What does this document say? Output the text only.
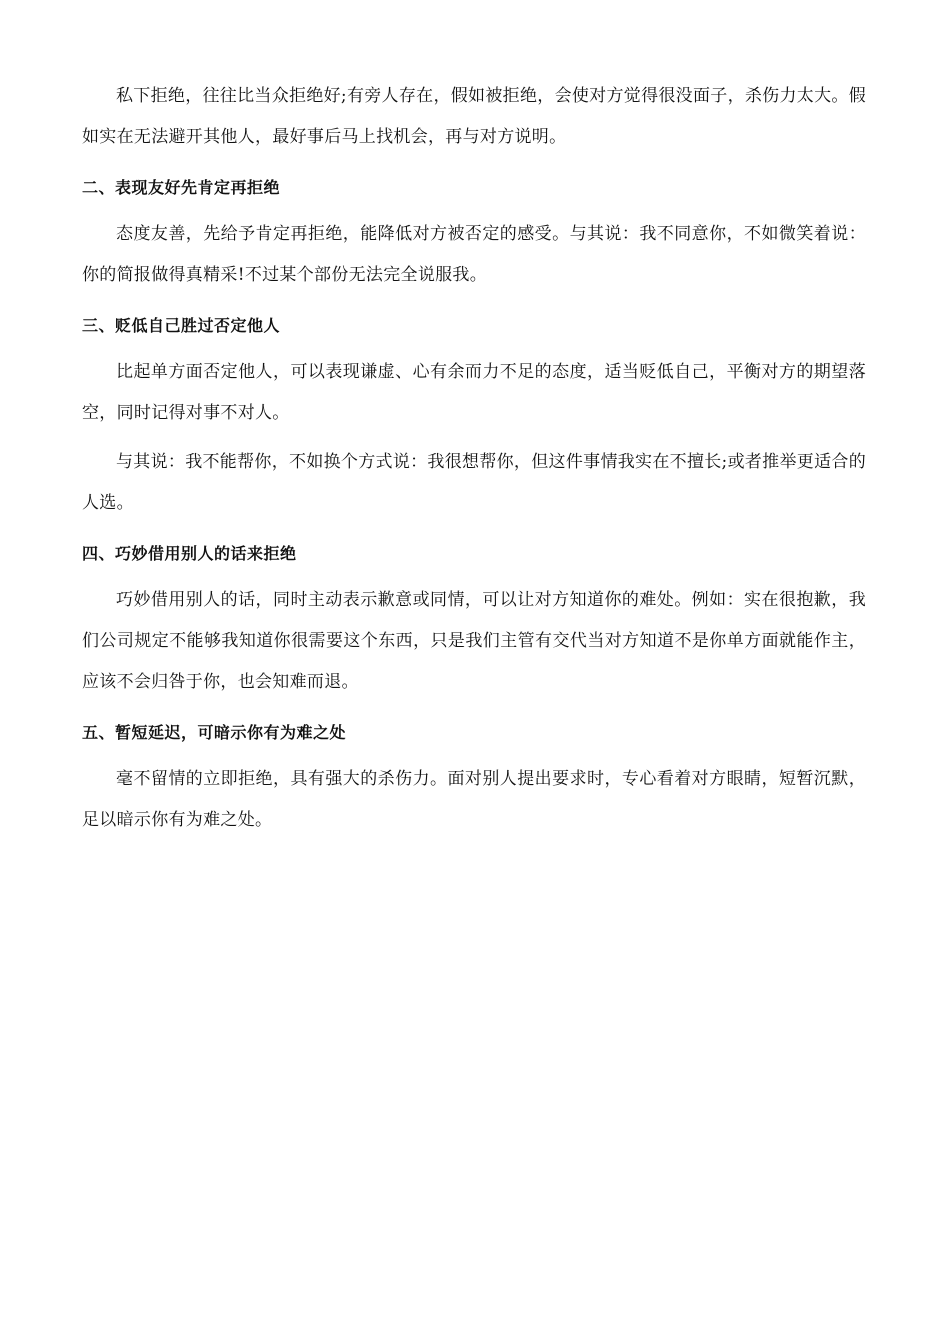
私下拒绝，往往比当众拒绝好;有旁人存在，假如被拒绝，会使对方觉得很没面子，杀伤力太大。假如实在无法避开其他人，最好事后马上找机会，再与对方说明。

二、表现友好先肯定再拒绝

态度友善，先给予肯定再拒绝，能降低对方被否定的感受。与其说：我不同意你，不如微笑着说：你的简报做得真精采!不过某个部份无法完全说服我。

三、贬低自己胜过否定他人

比起单方面否定他人，可以表现谦虚、心有余而力不足的态度，适当贬低自己，平衡对方的期望落空，同时记得对事不对人。

与其说：我不能帮你，不如换个方式说：我很想帮你，但这件事情我实在不擅长;或者推举更适合的人选。

四、巧妙借用别人的话来拒绝

巧妙借用别人的话，同时主动表示歉意或同情，可以让对方知道你的难处。例如：实在很抱歉，我们公司规定不能够我知道你很需要这个东西，只是我们主管有交代当对方知道不是你单方面就能作主，应该不会归咎于你，也会知难而退。

五、暂短延迟，可暗示你有为难之处

毫不留情的立即拒绝，具有强大的杀伤力。面对别人提出要求时，专心看着对方眼睛，短暂沉默，足以暗示你有为难之处。
